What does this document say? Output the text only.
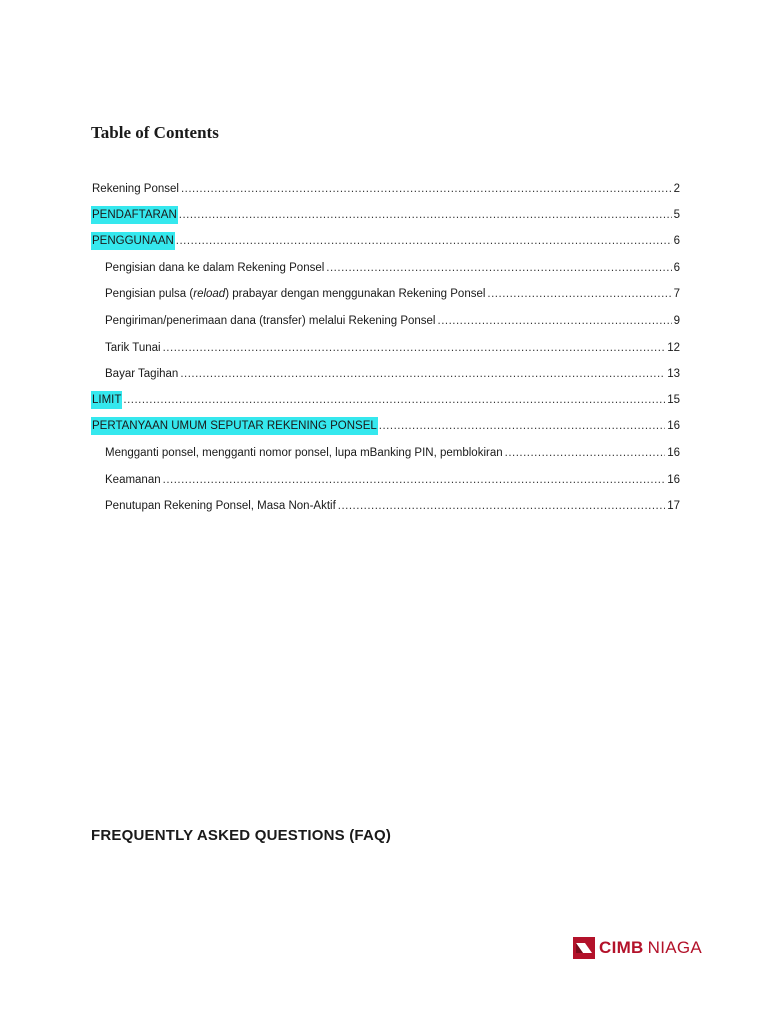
Table of Contents
Rekening Ponsel .....	2
PENDAFTARAN .....	5
PENGGUNAAN .....	6
Pengisian dana ke dalam Rekening Ponsel .....	6
Pengisian pulsa (reload) prabayar dengan menggunakan Rekening Ponsel .....	7
Pengiriman/penerimaan dana (transfer) melalui Rekening Ponsel .....	9
Tarik Tunai .....	12
Bayar Tagihan .....	13
LIMIT .....	15
PERTANYAAN UMUM SEPUTAR REKENING PONSEL .....	16
Mengganti ponsel, mengganti nomor ponsel, lupa mBanking PIN, pemblokiran .....	16
Keamanan .....	16
Penutupan Rekening Ponsel, Masa Non-Aktif .....	17
FREQUENTLY ASKED QUESTIONS (FAQ)
CIMB NIAGA
